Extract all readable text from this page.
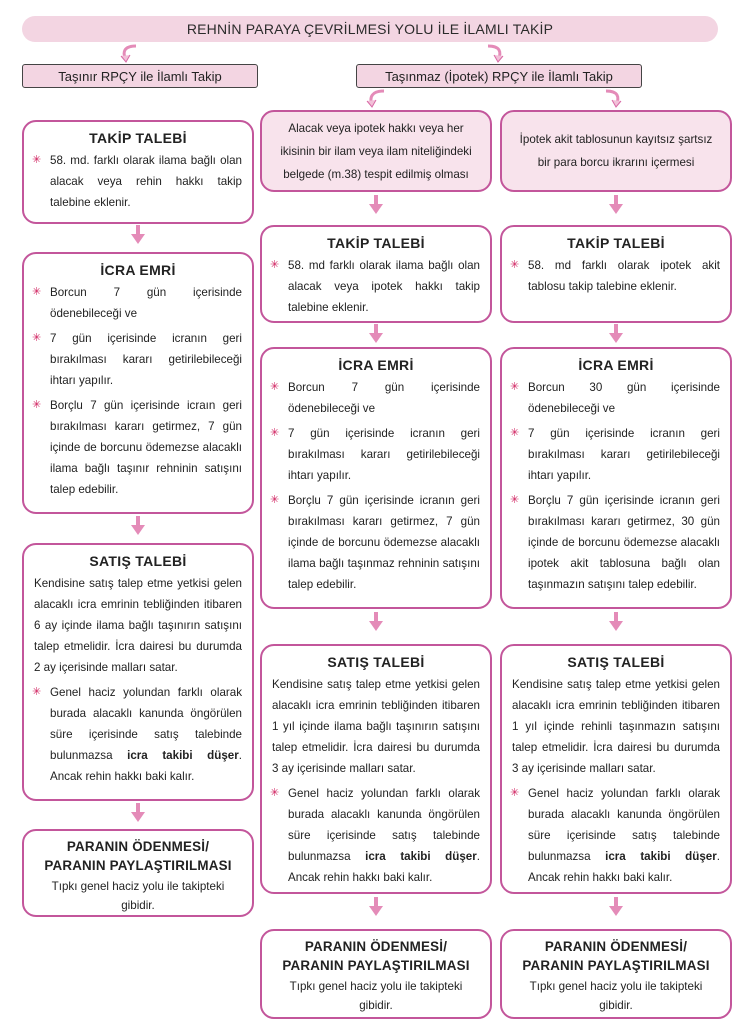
REHNİN PARAYA ÇEVRİLMESİ YOLU İLE İLAMLI TAKİP
Taşınır RPÇY ile İlamlı Takip	Taşınmaz (İpotek) RPÇY ile İlamlı Takip
TAKİP TALEBİ
✳ 58. md. farklı olarak ilama bağlı olan alacak veya rehin hakkı takip talebine eklenir.
İCRA EMRİ
✳ Borcun 7 gün içerisinde ödenebileceği ve
✳ 7 gün içerisinde icranın geri bırakılması kararı getirilebileceği ihtarı yapılır.
✳ Borçlu 7 gün içerisinde icraın geri bırakılması kararı getirmez, 7 gün içinde de borcunu ödemezse alacaklı ilama bağlı taşınır rehninin satışını talep edebilir.
SATIŞ TALEBİ
Kendisine satış talep etme yetkisi gelen alacaklı icra emrinin tebliğinden itibaren 6 ay içinde ilama bağlı taşınırın satışını talep etmelidir. İcra dairesi bu durumda 2 ay içerisinde malları satar.
✳ Genel haciz yolundan farklı olarak burada alacaklı kanunda öngörülen süre içerisinde satış talebinde bulunmazsa icra takibi düşer. Ancak rehin hakkı baki kalır.
PARANIN ÖDENMESİ/
PARANIN PAYLAŞTIRILMASI
Tıpkı genel haciz yolu ile takipteki gibidir.
Alacak veya ipotek hakkı veya her ikisinin bir ilam veya ilam niteliğindeki belgede (m.38) tespit edilmiş olması
TAKİP TALEBİ
✳ 58. md farklı olarak ilama bağlı olan alacak veya ipotek hakkı takip talebine eklenir.
İCRA EMRİ
✳ Borcun 7 gün içerisinde ödenebileceği ve
✳ 7 gün içerisinde icranın geri bırakılması kararı getirilebileceği ihtarı yapılır.
✳ Borçlu 7 gün içerisinde icranın geri bırakılması kararı getirmez, 7 gün içinde de borcunu ödemezse alacaklı ilama bağlı taşınmaz rehninin satışını talep edebilir.
SATIŞ TALEBİ
Kendisine satış talep etme yetkisi gelen alacaklı icra emrinin tebliğinden itibaren 1 yıl içinde ilama bağlı taşınırın satışını talep etmelidir. İcra dairesi bu durumda 3 ay içerisinde malları satar.
✳ Genel haciz yolundan farklı olarak burada alacaklı kanunda öngörülen süre içerisinde satış talebinde bulunmazsa icra takibi düşer. Ancak rehin hakkı baki kalır.
PARANIN ÖDENMESİ/
PARANIN PAYLAŞTIRILMASI
Tıpkı genel haciz yolu ile takipteki gibidir.
İpotek akit tablosunun kayıtsız şartsız bir para borcu ikrarını içermesi
TAKİP TALEBİ
✳ 58. md farklı olarak ipotek akit tablosu takip talebine eklenir.
İCRA EMRİ
✳ Borcun 30 gün içerisinde ödenebileceği ve
✳ 7 gün içerisinde icranın geri bırakılması kararı getirilebileceği ihtarı yapılır.
✳ Borçlu 7 gün içerisinde icranın geri bırakılması kararı getirmez, 30 gün içinde de borcunu ödemezse alacaklı ipotek akit tablosuna bağlı olan taşınmazın satışını talep edebilir.
SATIŞ TALEBİ
Kendisine satış talep etme yetkisi gelen alacaklı icra emrinin tebliğinden itibaren 1 yıl içinde rehinli taşınmazın satışını talep etmelidir. İcra dairesi bu durumda 3 ay içerisinde malları satar.
✳ Genel haciz yolundan farklı olarak burada alacaklı kanunda öngörülen süre içerisinde satış talebinde bulunmazsa icra takibi düşer. Ancak rehin hakkı baki kalır.
PARANIN ÖDENMESİ/
PARANIN PAYLAŞTIRILMASI
Tıpkı genel haciz yolu ile takipteki gibidir.
